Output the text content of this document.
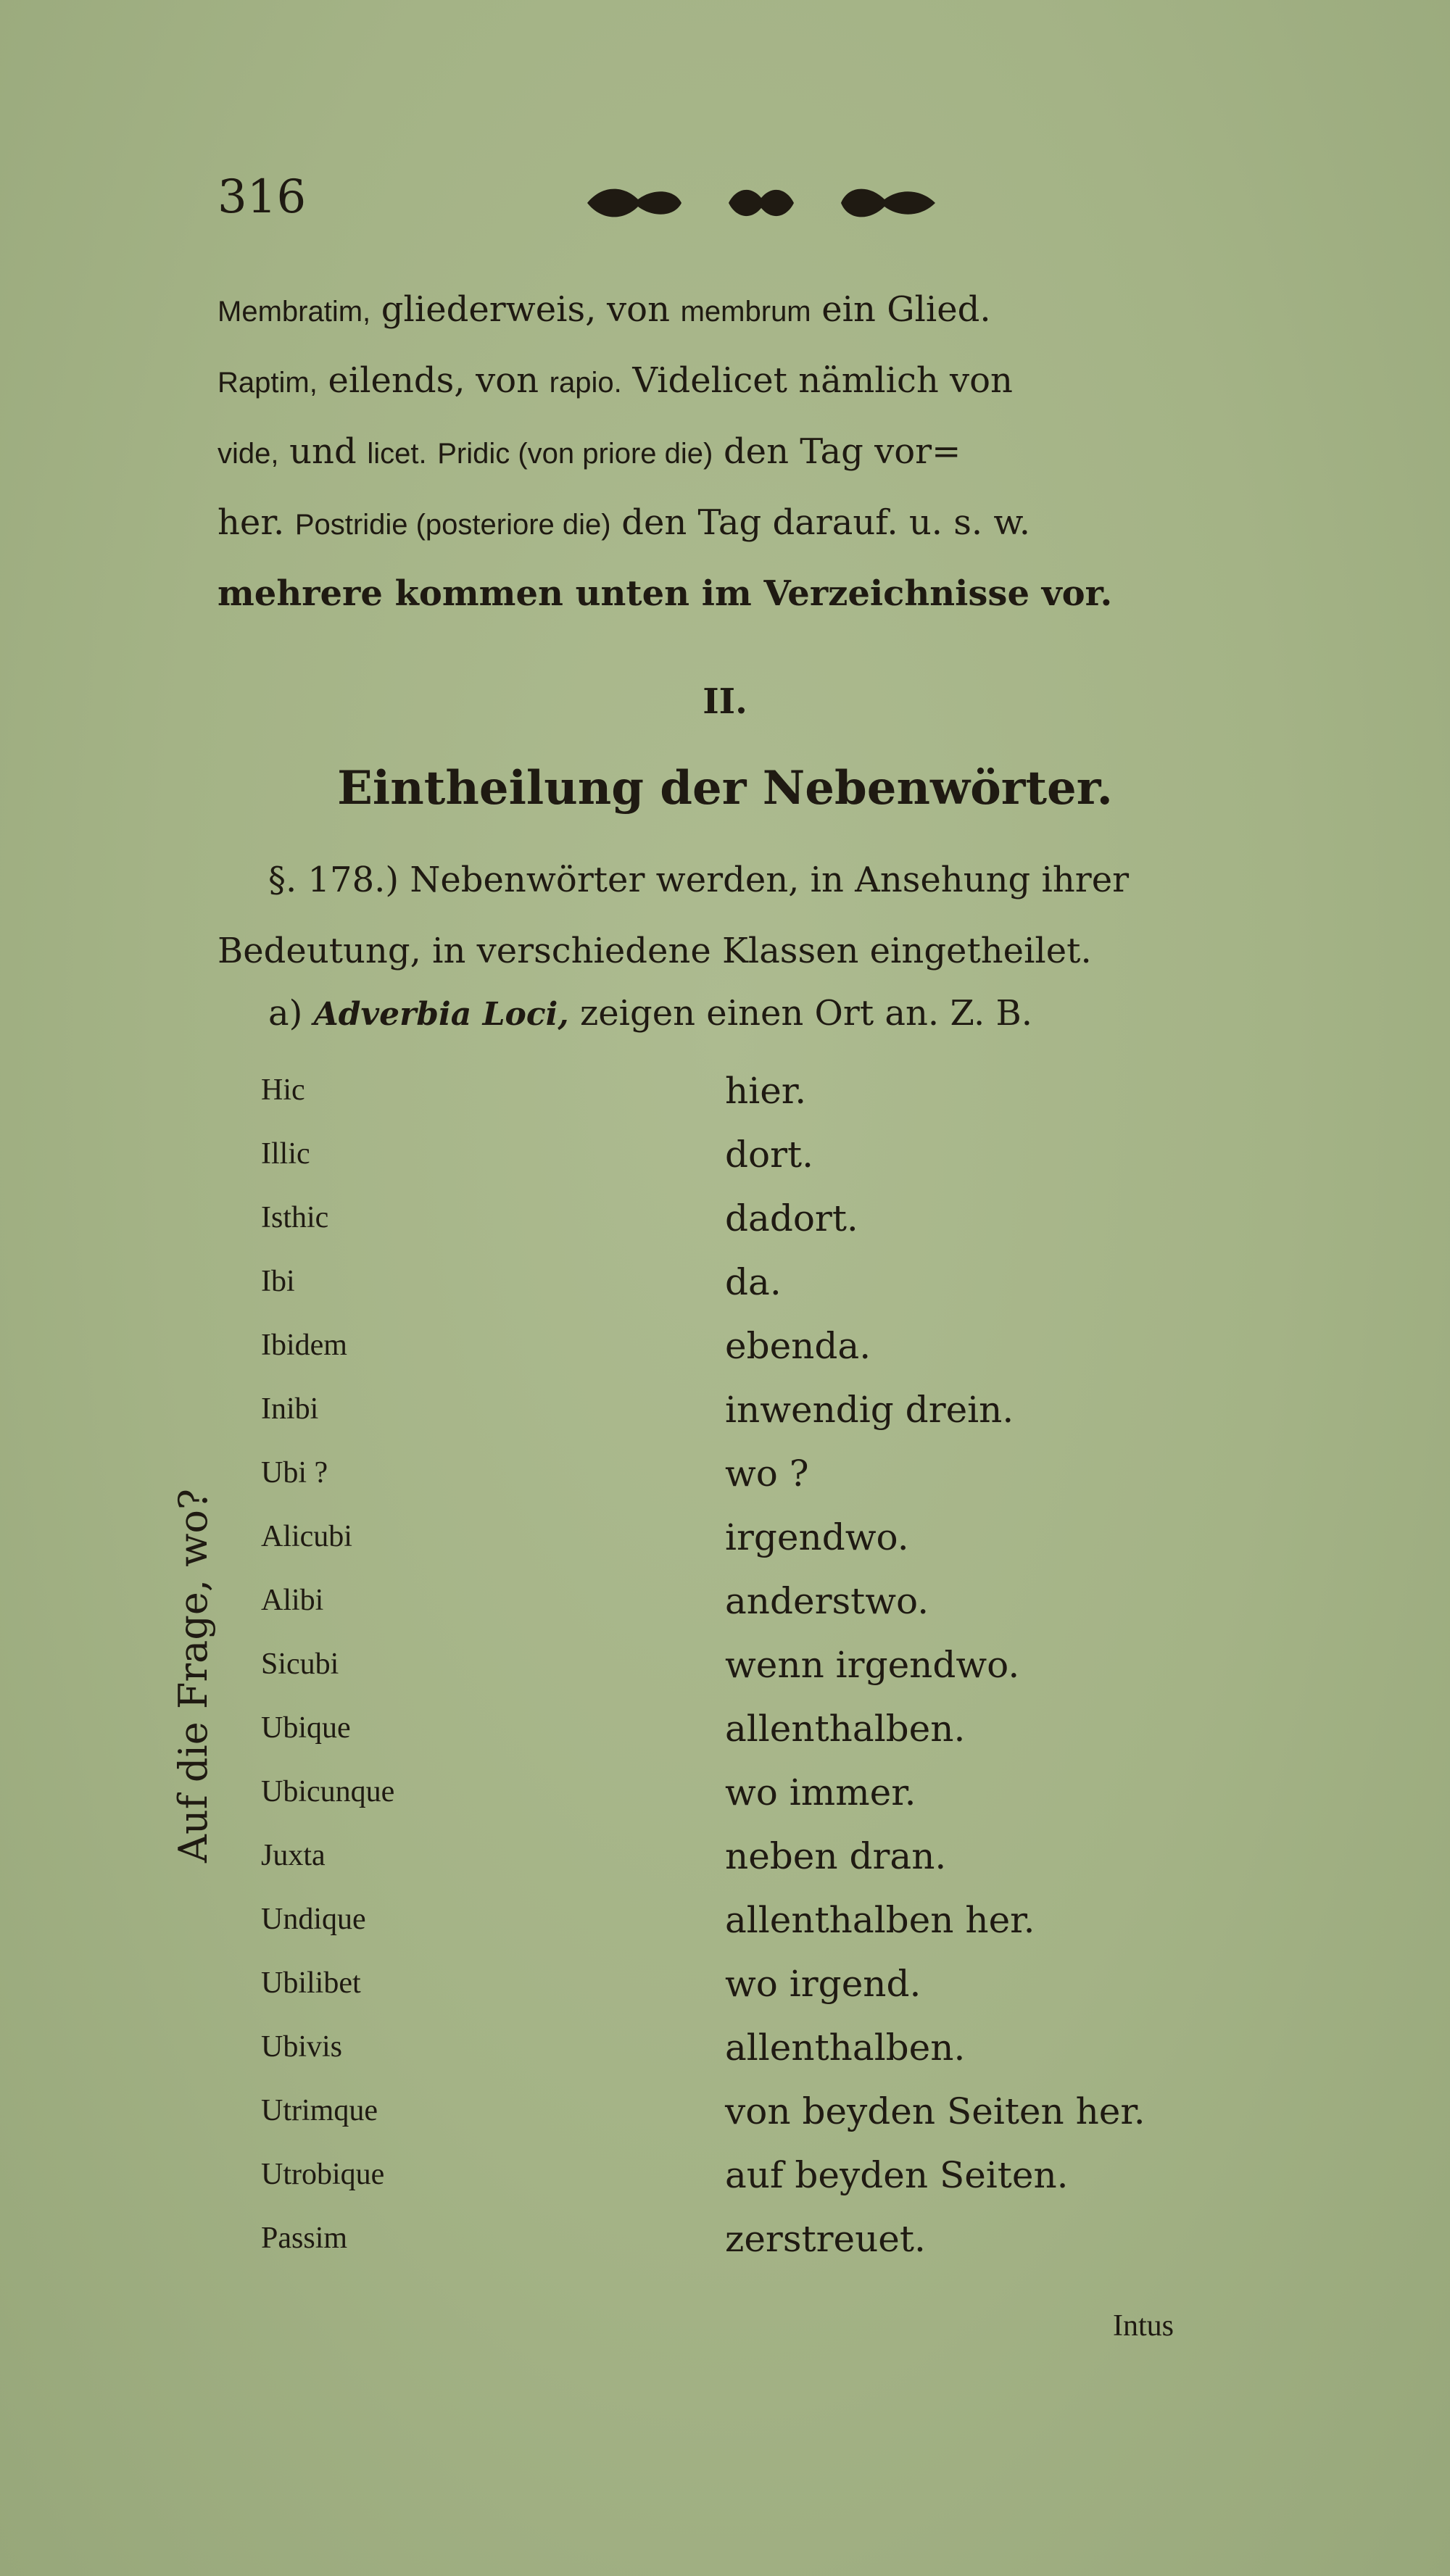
316
Membratim, gliederweis, von membrum ein Glied.
Raptim, eilends, von rapio. Videlicet nämlich von
vide, und licet. Pridic (von priore die) den Tag vor=
her. Postridie (posteriore die) den Tag darauf. u. s. w.
mehrere kommen unten im Verzeichnisse vor.
II.
Eintheilung der Nebenwörter.
§. 178.) Nebenwörter werden, in Ansehung ihrer
Bedeutung, in verschiedene Klassen eingetheilet.
a) Adverbia Loci, zeigen einen Ort an. Z. B.
Hic	hier.
Illic	dort.
Isthic	dadort.
Ibi	da.
Ibidem	ebenda.
Inibi	inwendig drein.
Ubi ?	wo ?
Alicubi	irgendwo.
Alibi	anderstwo.
Sicubi	wenn irgendwo.
Ubique	allenthalben.
Ubicunque	wo immer.
Juxta	neben dran.
Undique	allenthalben her.
Ubilibet	wo irgend.
Ubivis	allenthalben.
Utrimque	von beyden Seiten her.
Utrobique	auf beyden Seiten.
Passim	zerstreuet.
Auf die Frage, wo?
Intus
